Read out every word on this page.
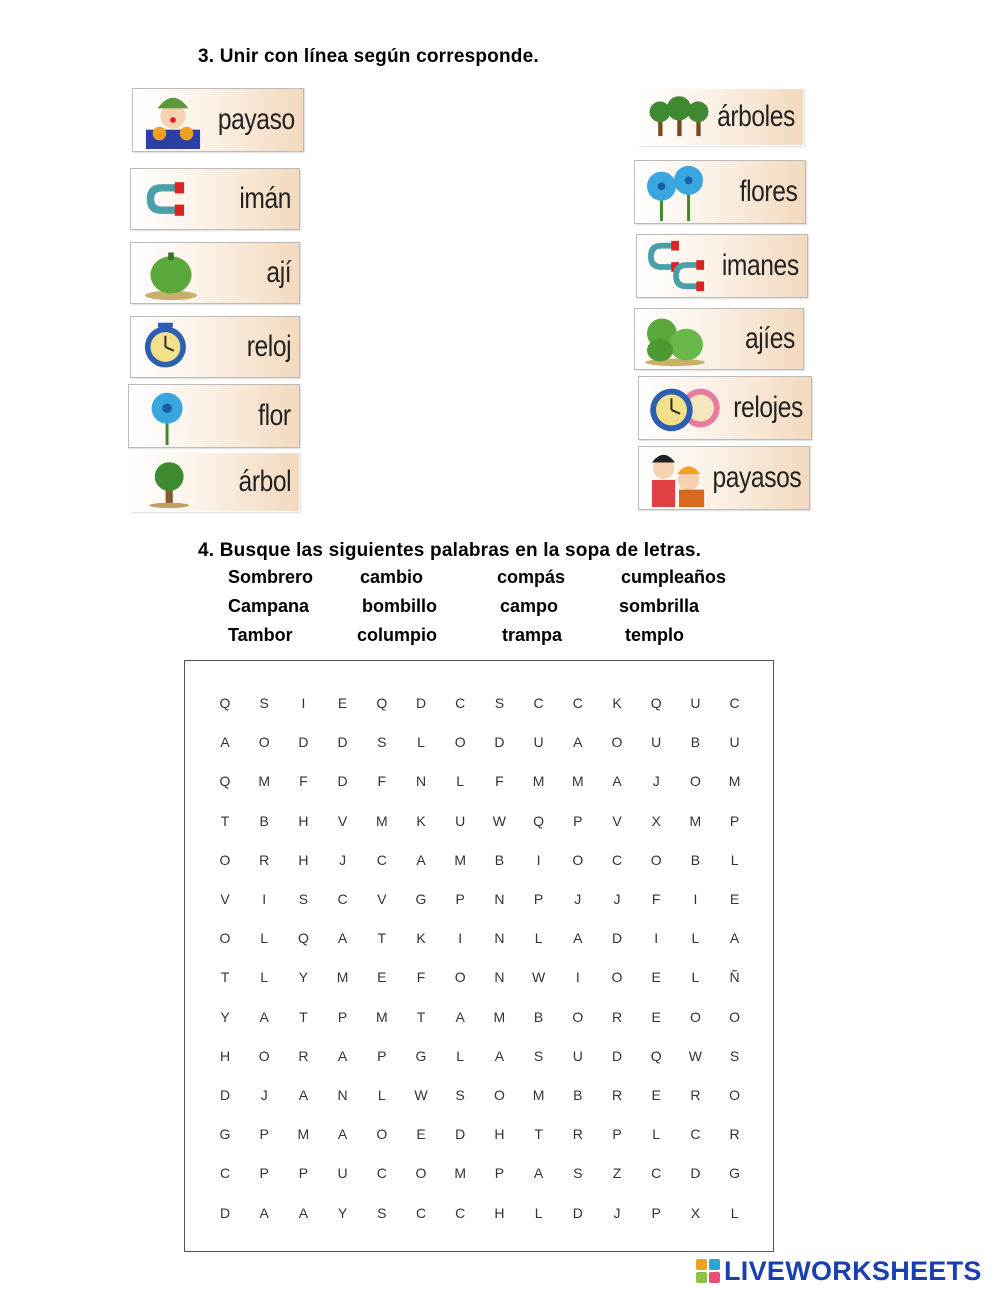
3. Unir con línea según corresponde.
payaso
imán
ají
reloj
flor
árbol
árboles
flores
imanes
ajíes
relojes
payasos
4. Busque las siguientes palabras en la sopa de letras.
Sombrero	cambio	compás	cumpleaños
Campana	bombillo	campo	sombrilla
Tambor	columpio	trampa	templo
Q	S	I	E	Q	D	C	S	C	C	K	Q	U	C
A	O	D	D	S	L	O	D	U	A	O	U	B	U
Q	M	F	D	F	N	L	F	M	M	A	J	O	M
T	B	H	V	M	K	U	W	Q	P	V	X	M	P
O	R	H	J	C	A	M	B	I	O	C	O	B	L
V	I	S	C	V	G	P	N	P	J	J	F	I	E
O	L	Q	A	T	K	I	N	L	A	D	I	L	A
T	L	Y	M	E	F	O	N	W	I	O	E	L	Ñ
Y	A	T	P	M	T	A	M	B	O	R	E	O	O
H	O	R	A	P	G	L	A	S	U	D	Q	W	S
D	J	A	N	L	W	S	O	M	B	R	E	R	O
G	P	M	A	O	E	D	H	T	R	P	L	C	R
C	P	P	U	C	O	M	P	A	S	Z	C	D	G
D	A	A	Y	S	C	C	H	L	D	J	P	X	L
LIVEWORKSHEETS
